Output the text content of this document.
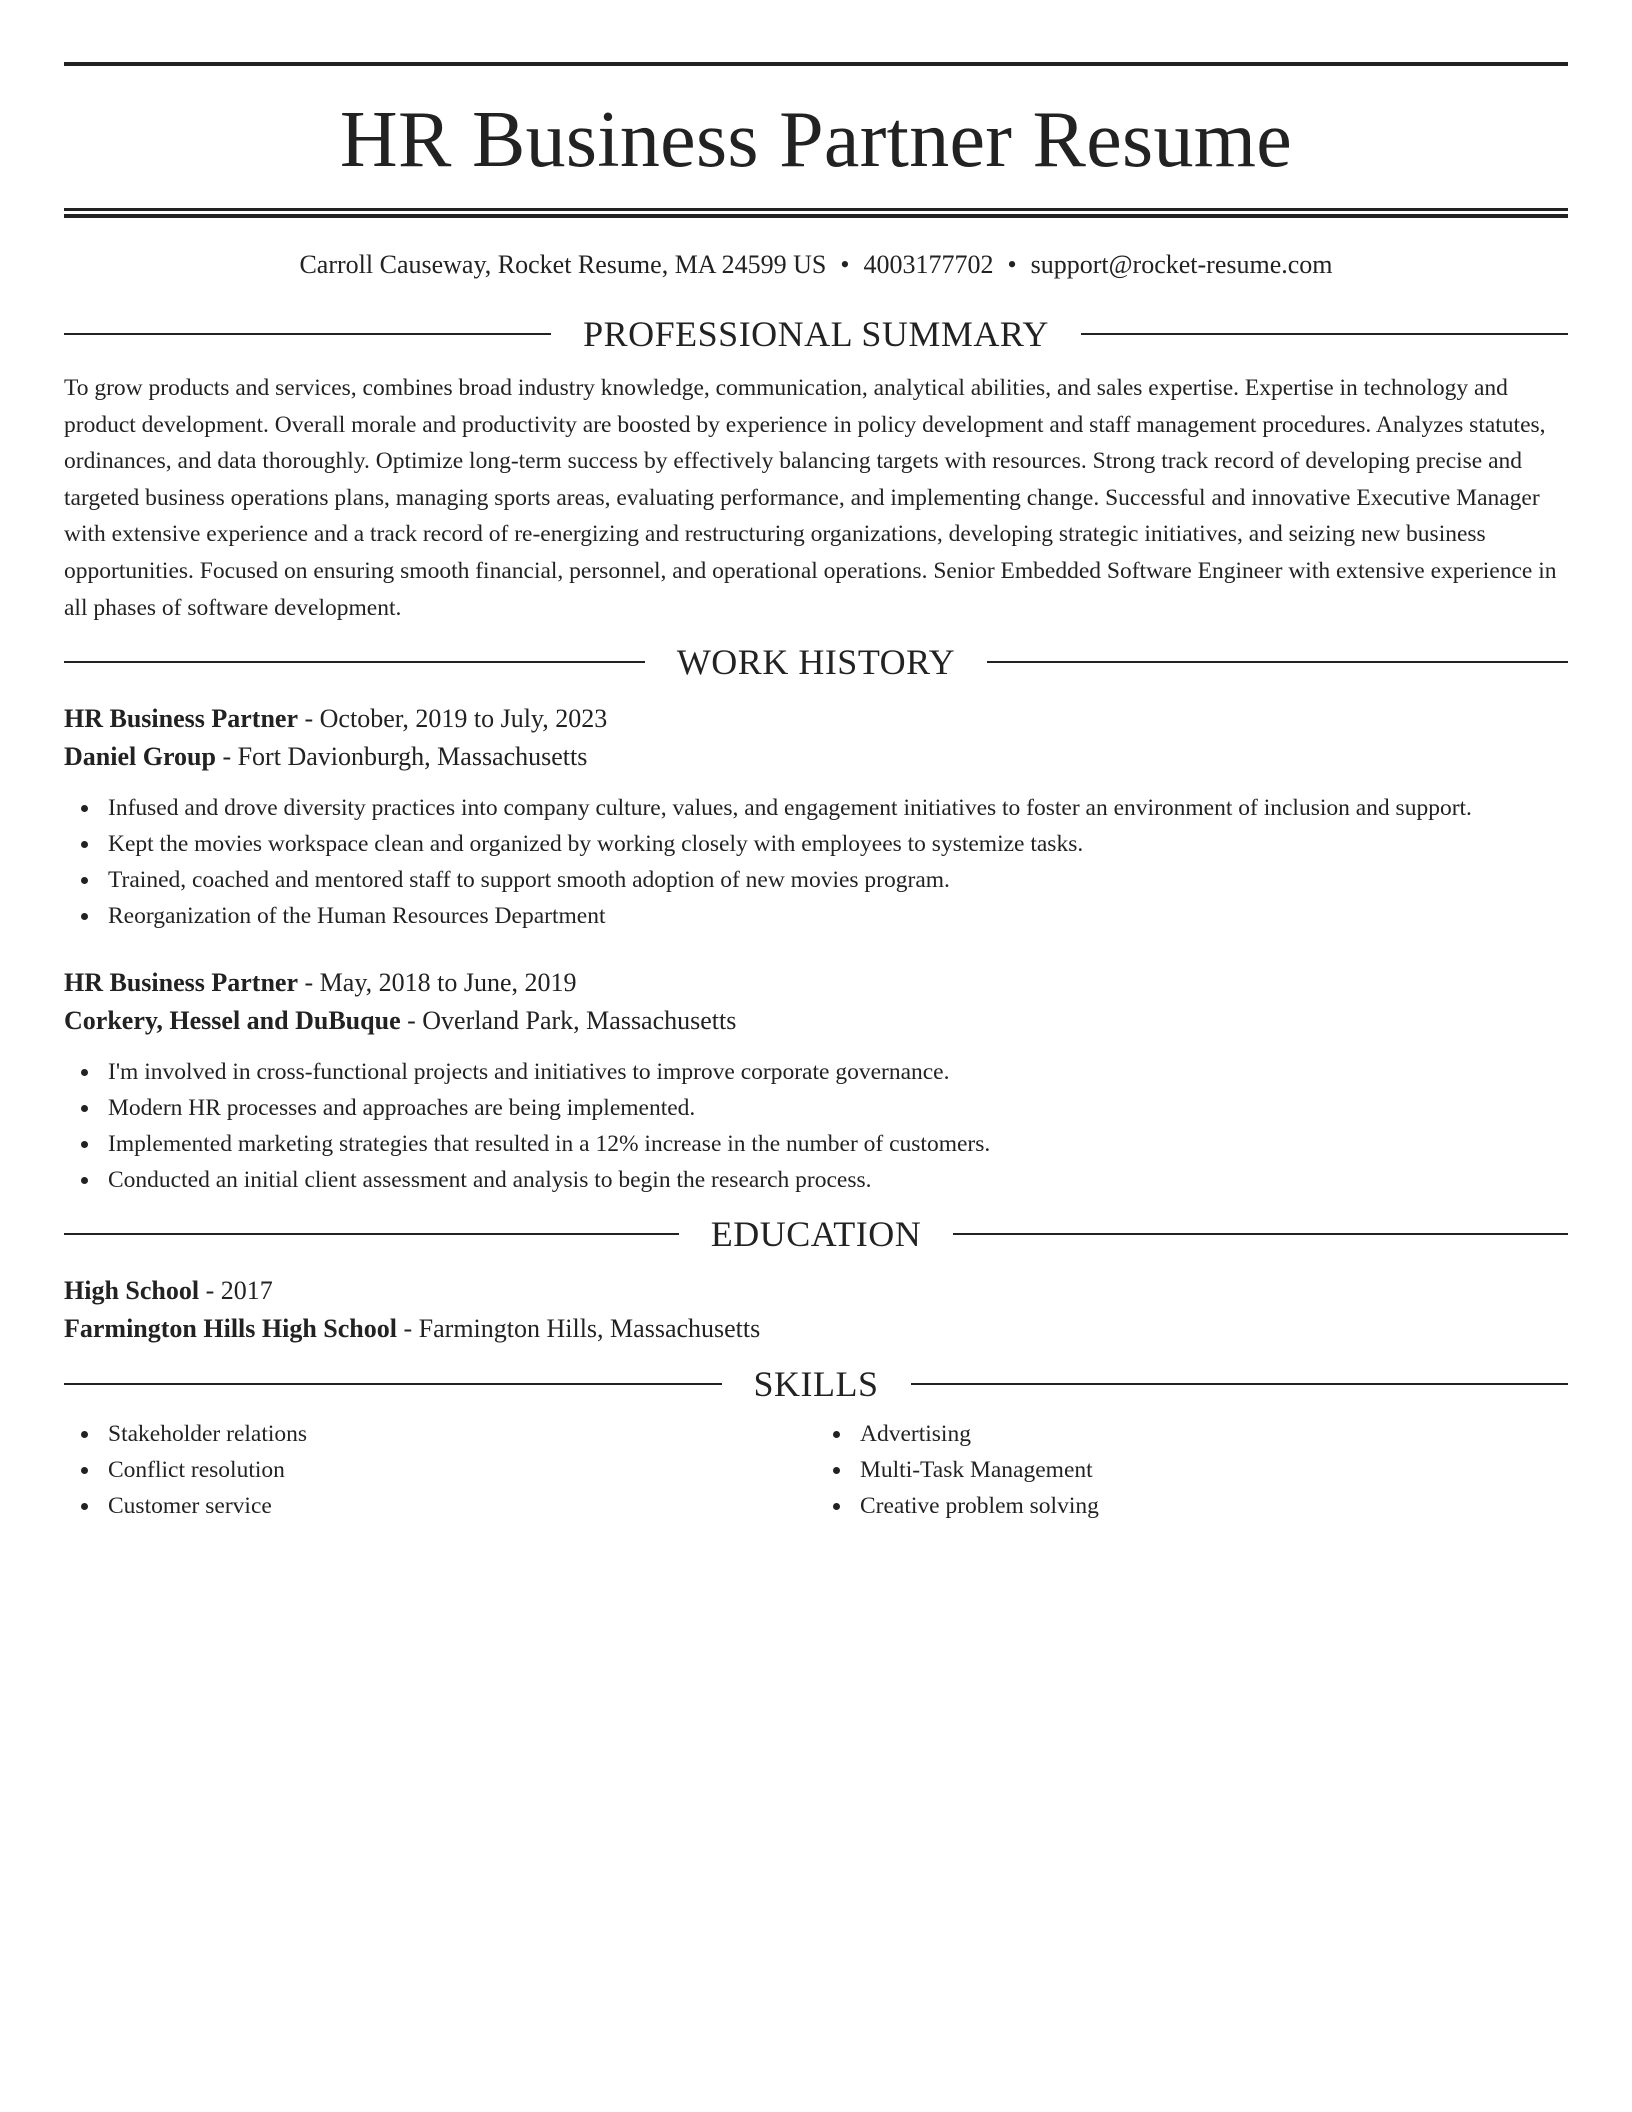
HR Business Partner Resume
Carroll Causeway, Rocket Resume, MA 24599 US • 4003177702 • support@rocket-resume.com
PROFESSIONAL SUMMARY

To grow products and services, combines broad industry knowledge, communication, analytical abilities, and sales expertise. Expertise in technology and product development. Overall morale and productivity are boosted by experience in policy development and staff management procedures. Analyzes statutes, ordinances, and data thoroughly. Optimize long-term success by effectively balancing targets with resources. Strong track record of developing precise and targeted business operations plans, managing sports areas, evaluating performance, and implementing change. Successful and innovative Executive Manager with extensive experience and a track record of re-energizing and restructuring organizations, developing strategic initiatives, and seizing new business opportunities. Focused on ensuring smooth financial, personnel, and operational operations. Senior Embedded Software Engineer with extensive experience in all phases of software development.

WORK HISTORY
HR Business Partner - October, 2019 to July, 2023
Daniel Group - Fort Davionburgh, Massachusetts
Infused and drove diversity practices into company culture, values, and engagement initiatives to foster an environment of inclusion and support.
Kept the movies workspace clean and organized by working closely with employees to systemize tasks.
Trained, coached and mentored staff to support smooth adoption of new movies program.
Reorganization of the Human Resources Department
HR Business Partner - May, 2018 to June, 2019
Corkery, Hessel and DuBuque - Overland Park, Massachusetts
I'm involved in cross-functional projects and initiatives to improve corporate governance.
Modern HR processes and approaches are being implemented.
Implemented marketing strategies that resulted in a 12% increase in the number of customers.
Conducted an initial client assessment and analysis to begin the research process.
EDUCATION
High School - 2017
Farmington Hills High School - Farmington Hills, Massachusetts
SKILLS
Stakeholder relations
Conflict resolution
Customer service
Advertising
Multi-Task Management
Creative problem solving
